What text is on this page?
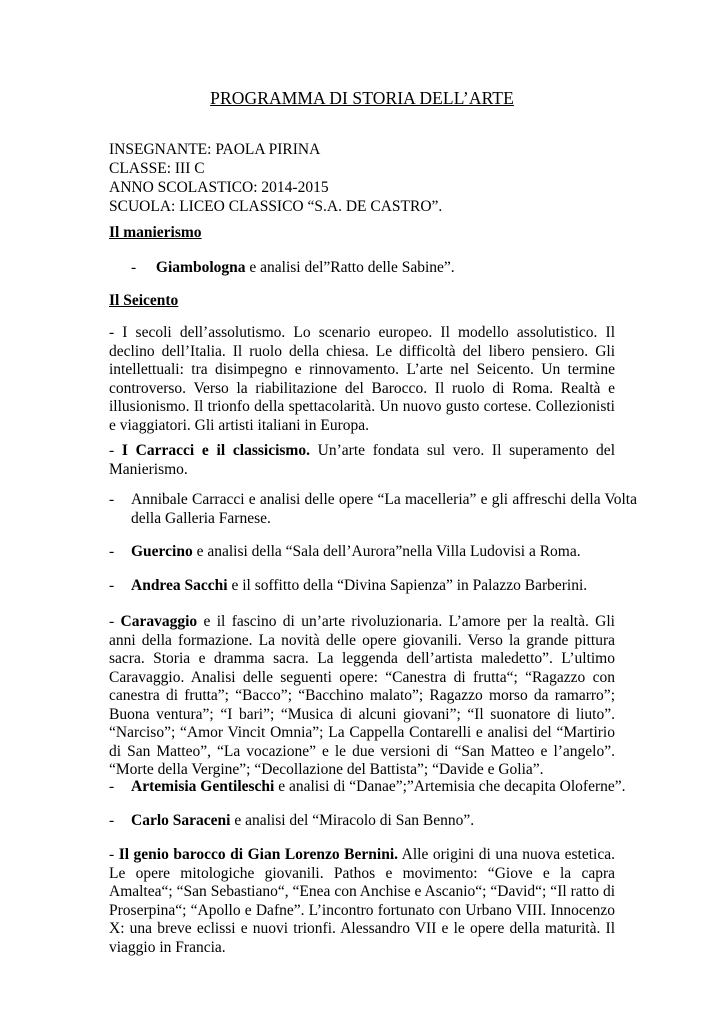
PROGRAMMA DI STORIA DELL’ARTE
INSEGNANTE: PAOLA PIRINA
CLASSE: III C
ANNO SCOLASTICO: 2014-2015
SCUOLA: LICEO CLASSICO “S.A. DE CASTRO”.
Il manierismo
- Giambologna e analisi del”Ratto delle Sabine”.
Il Seicento
- I secoli dell’assolutismo. Lo scenario europeo. Il modello assolutistico. Il declino dell’Italia. Il ruolo della chiesa. Le difficoltà del libero pensiero. Gli intellettuali: tra disimpegno e rinnovamento. L’arte nel Seicento. Un termine controverso. Verso la riabilitazione del Barocco. Il ruolo di Roma. Realtà e illusionismo. Il trionfo della spettacolarità. Un nuovo gusto cortese. Collezionisti e viaggiatori. Gli artisti italiani in Europa.
- I Carracci e il classicismo. Un’arte fondata sul vero. Il superamento del Manierismo.
- Annibale Carracci e analisi delle opere “La macelleria” e gli affreschi della Volta della Galleria Farnese.
- Guercino e analisi della “Sala dell’Aurora”nella Villa Ludovisi a Roma.
- Andrea Sacchi e il soffitto della “Divina Sapienza” in Palazzo Barberini.
- Caravaggio e il fascino di un’arte rivoluzionaria. L’amore per la realtà. Gli anni della formazione. La novità delle opere giovanili. Verso la grande pittura sacra. Storia e dramma sacra. La leggenda dell’artista maledetto”. L’ultimo Caravaggio. Analisi delle seguenti opere: “Canestra di frutta“; “Ragazzo con canestra di frutta”; “Bacco”; “Bacchino malato”; Ragazzo morso da ramarro”; Buona ventura”; “I bari”; “Musica di alcuni giovani”; “Il suonatore di liuto”. “Narciso”; “Amor Vincit Omnia”; La Cappella Contarelli e analisi del “Martirio di San Matteo”, “La vocazione” e le due versioni di “San Matteo e l’angelo”. “Morte della Vergine”; “Decollazione del Battista”; “Davide e Golia”.
- Artemisia Gentileschi e analisi di “Danae”;”Artemisia che decapita Oloferne”.
- Carlo Saraceni e analisi del “Miracolo di San Benno”.
- Il genio barocco di Gian Lorenzo Bernini. Alle origini di una nuova estetica. Le opere mitologiche giovanili. Pathos e movimento: “Giove e la capra Amaltea“; “San Sebastiano“, “Enea con Anchise e Ascanio“; “David“; “Il ratto di Proserpina“; “Apollo e Dafne”. L’incontro fortunato con Urbano VIII. Innocenzo X: una breve eclissi e nuovi trionfi. Alessandro VII e le opere della maturità. Il viaggio in Francia.
